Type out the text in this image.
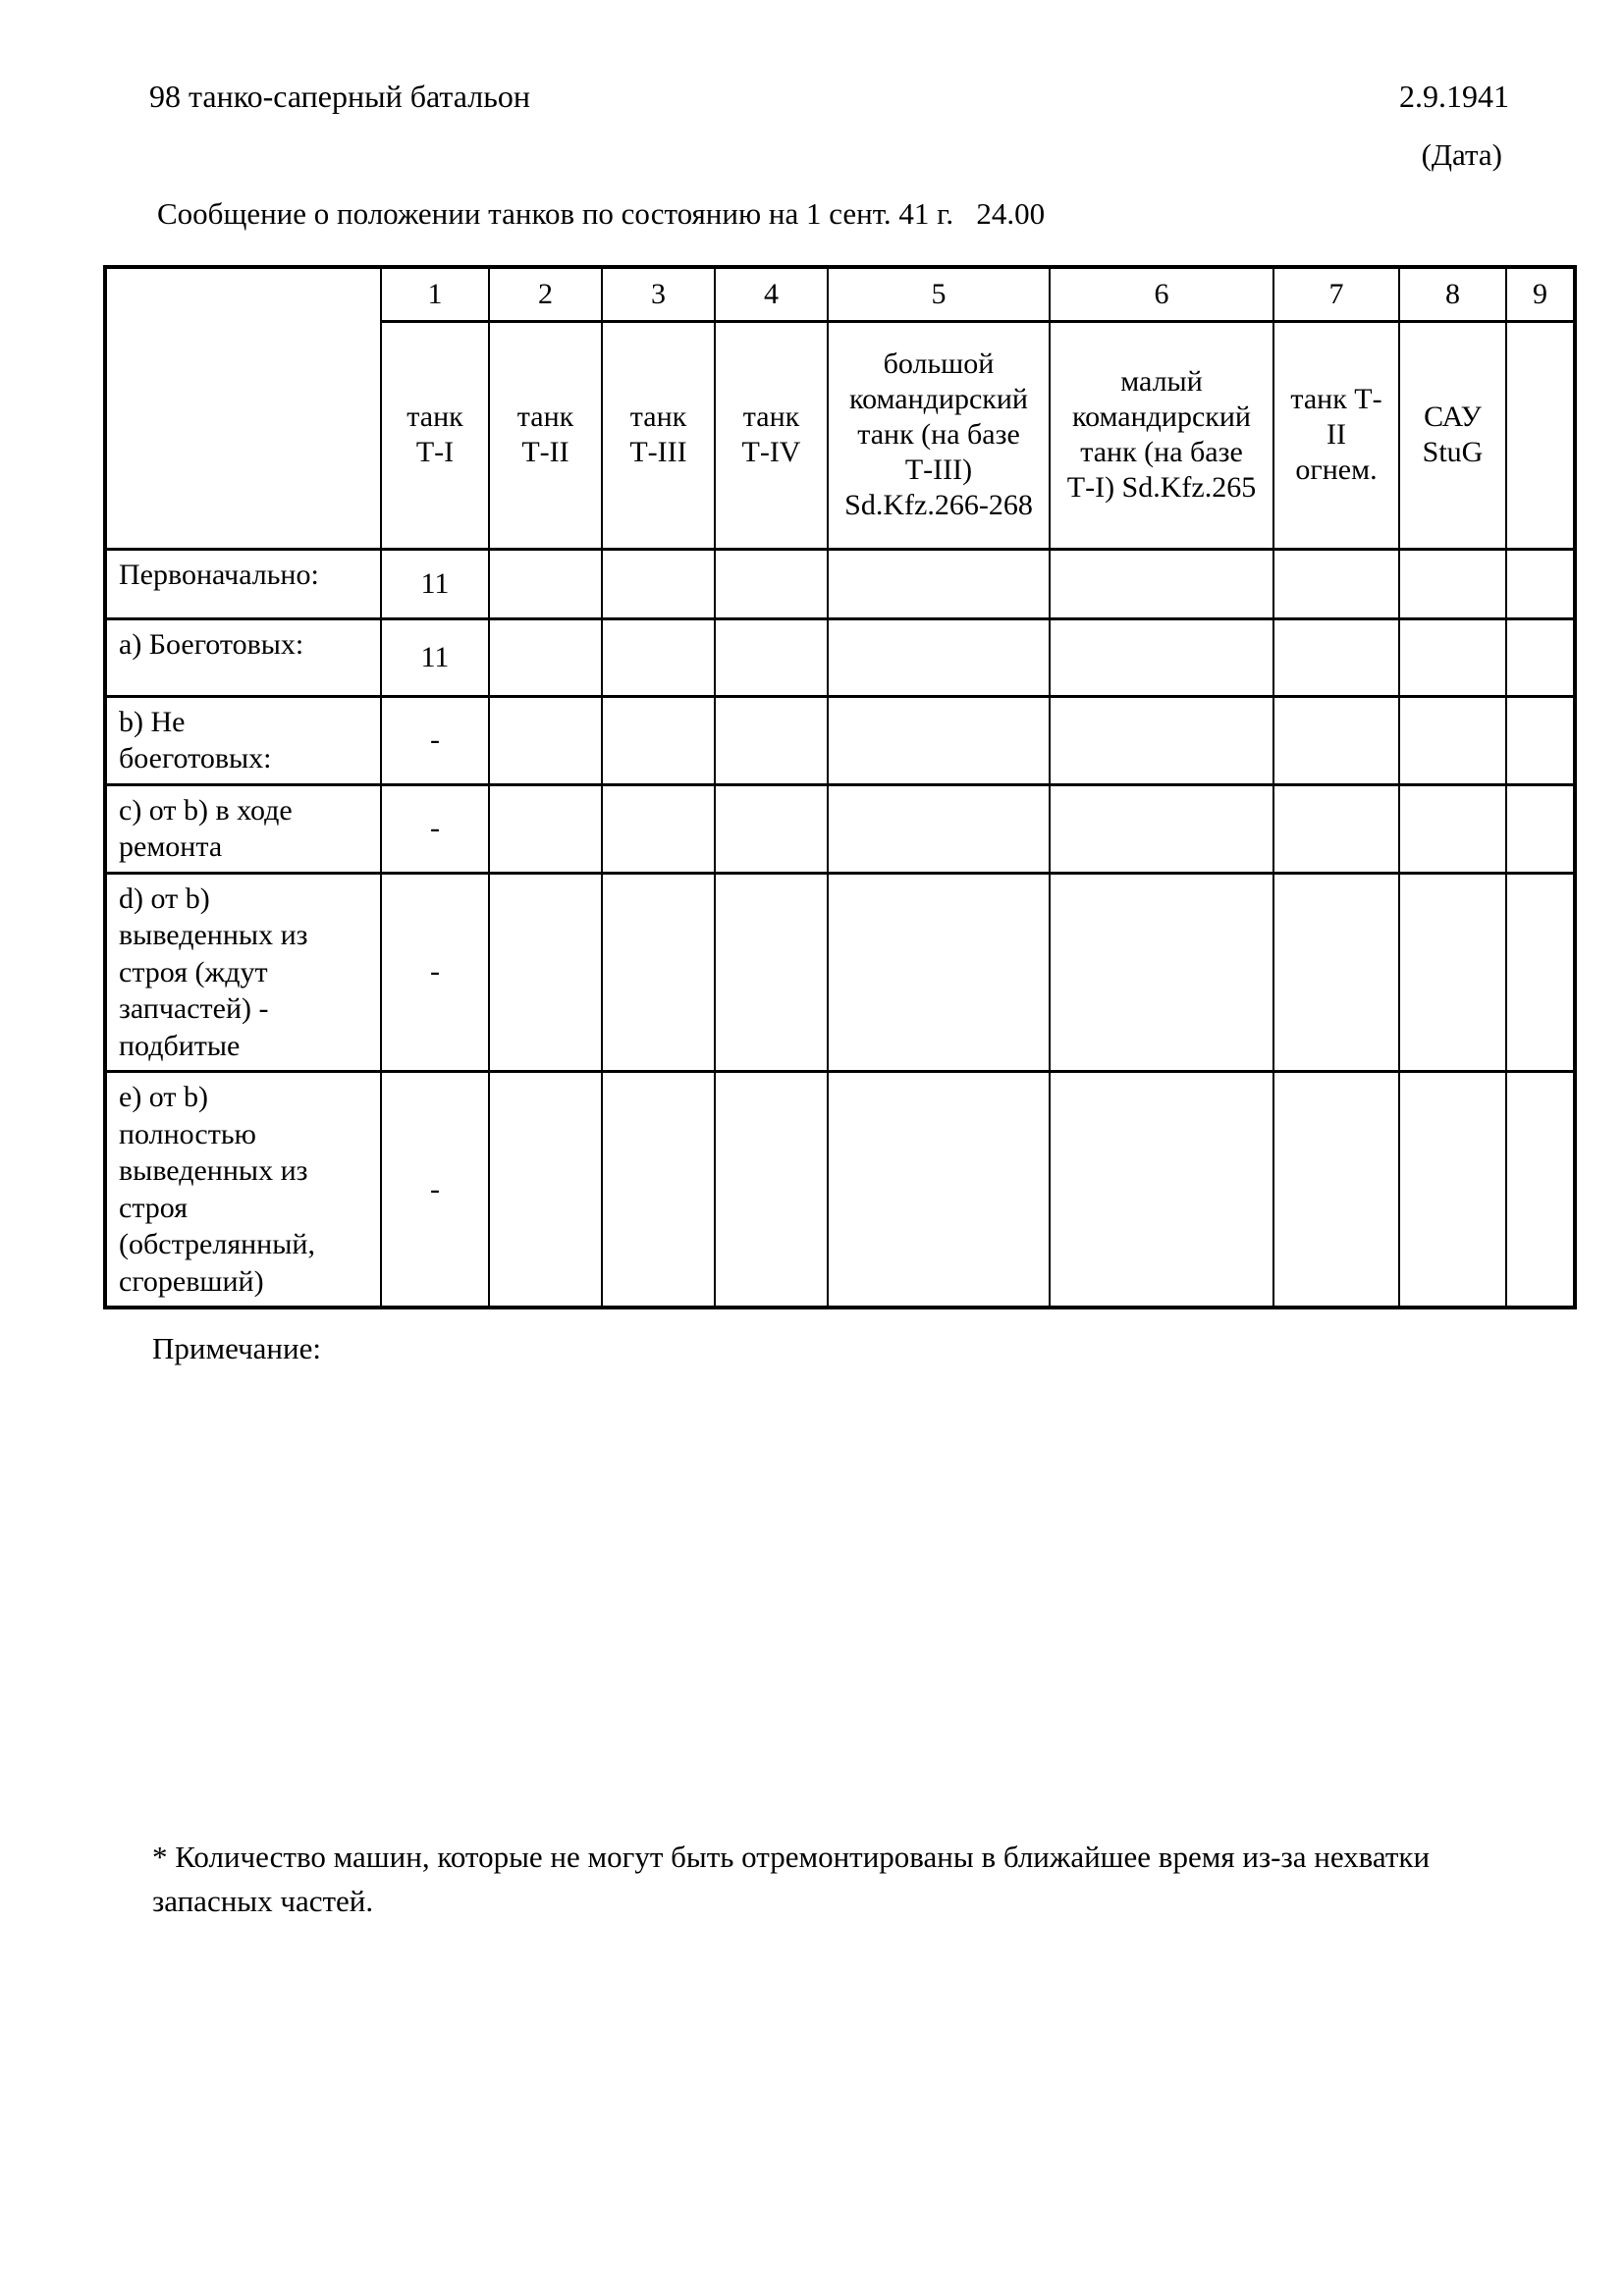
98 танко-саперный батальон	2.9.1941
(Дата)
Сообщение о положении танков по состоянию на 1 сент. 41 г.   24.00
	1	2	3	4	5	6	7	8	9
	танк Т-I	танк Т-II	танк Т-III	танк Т-IV	большой командирский танк (на базе Т-III) Sd.Kfz.266-268	малый командирский танк (на базе Т-I) Sd.Kfz.265	танк Т-II огнем.	САУ StuG	
Первоначально:	11								
a) Боеготовых:	11								
b) Не боеготовых:	-								
c) от b) в ходе ремонта	-								
d) от b) выведенных из строя (ждут запчастей) - подбитые	-								
e) от b) полностью выведенных из строя (обстрелянный, сгоревший)	-								
Примечание:
* Количество машин, которые не могут быть отремонтированы в ближайшее время из-за нехватки запасных частей.
